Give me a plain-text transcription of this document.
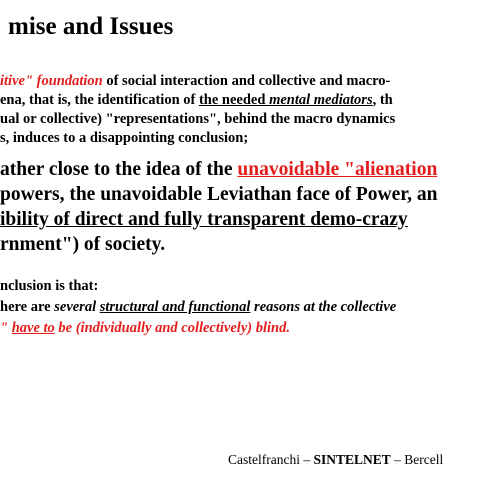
mise and Issues
itive" foundation of social interaction and collective and macro-
ena, that is, the identification of the needed mental mediators, th
ual or collective) "representations", behind the macro dynamics
s, induces to a disappointing conclusion;
ather close to the idea of the unavoidable "alienation
powers, the unavoidable Leviathan face of Power, an
ibility of direct and fully transparent demo-crazy
rnment") of society.
nclusion is that:
here are several structural and functional reasons at the collective
" have to be (individually and collectively) blind.
Castelfranchi – SINTELNET – Bercell
